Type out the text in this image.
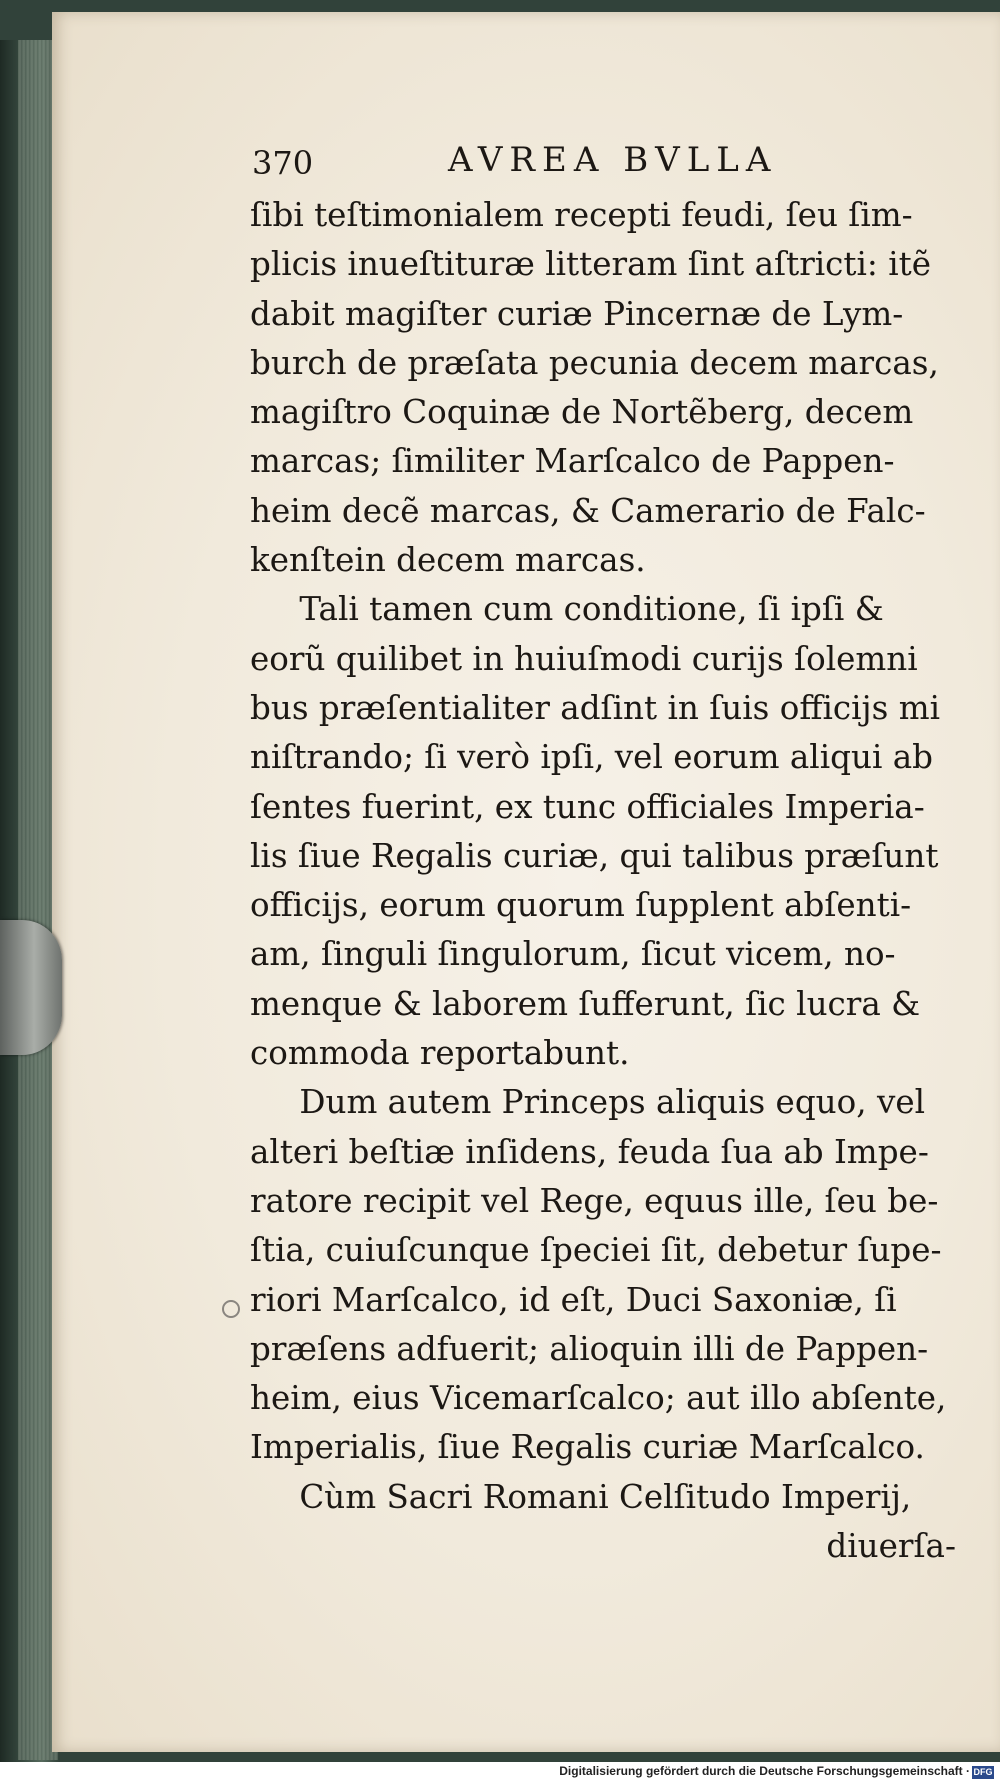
370	AVREA BVLLA
ſibi teſtimonialem recepti feudi, ſeu ſim-
plicis inueſtituræ litteram ſint aſtricti: itẽ
dabit magiſter curiæ Pincernæ de Lym-
burch de præſata pecunia decem marcas,
magiſtro Coquinæ de Nortẽberg, decem
marcas; ſimiliter Marſcalco de Pappen-
heim decẽ marcas, & Camerario de Falc-
kenſtein decem marcas.
Tali tamen cum conditione, ſi ipſi &
eorũ quilibet in huiuſmodi curijs ſolemni
bus præſentialiter adſint in ſuis officijs mi
niſtrando; ſi verò ipſi, vel eorum aliqui ab
ſentes fuerint, ex tunc officiales Imperia-
lis ſiue Regalis curiæ, qui talibus præſunt
officijs, eorum quorum ſupplent abſenti-
am, ſinguli ſingulorum, ſicut vicem, no-
menque & laborem ſufferunt, ſic lucra &
commoda reportabunt.
Dum autem Princeps aliquis equo, vel
alteri beſtiæ inſidens, feuda ſua ab Impe-
ratore recipit vel Rege, equus ille, ſeu be-
ſtia, cuiuſcunque ſpeciei ſit, debetur ſupe-
riori Marſcalco, id eſt, Duci Saxoniæ, ſi
præſens adfuerit; alioquin illi de Pappen-
heim, eius Vicemarſcalco; aut illo abſente,
Imperialis, ſiue Regalis curiæ Marſcalco.
Cùm Sacri Romani Celſitudo Imperij,
diuerſa-
Digitalisierung gefördert durch die Deutsche Forschungsgemeinschaft · DFG
